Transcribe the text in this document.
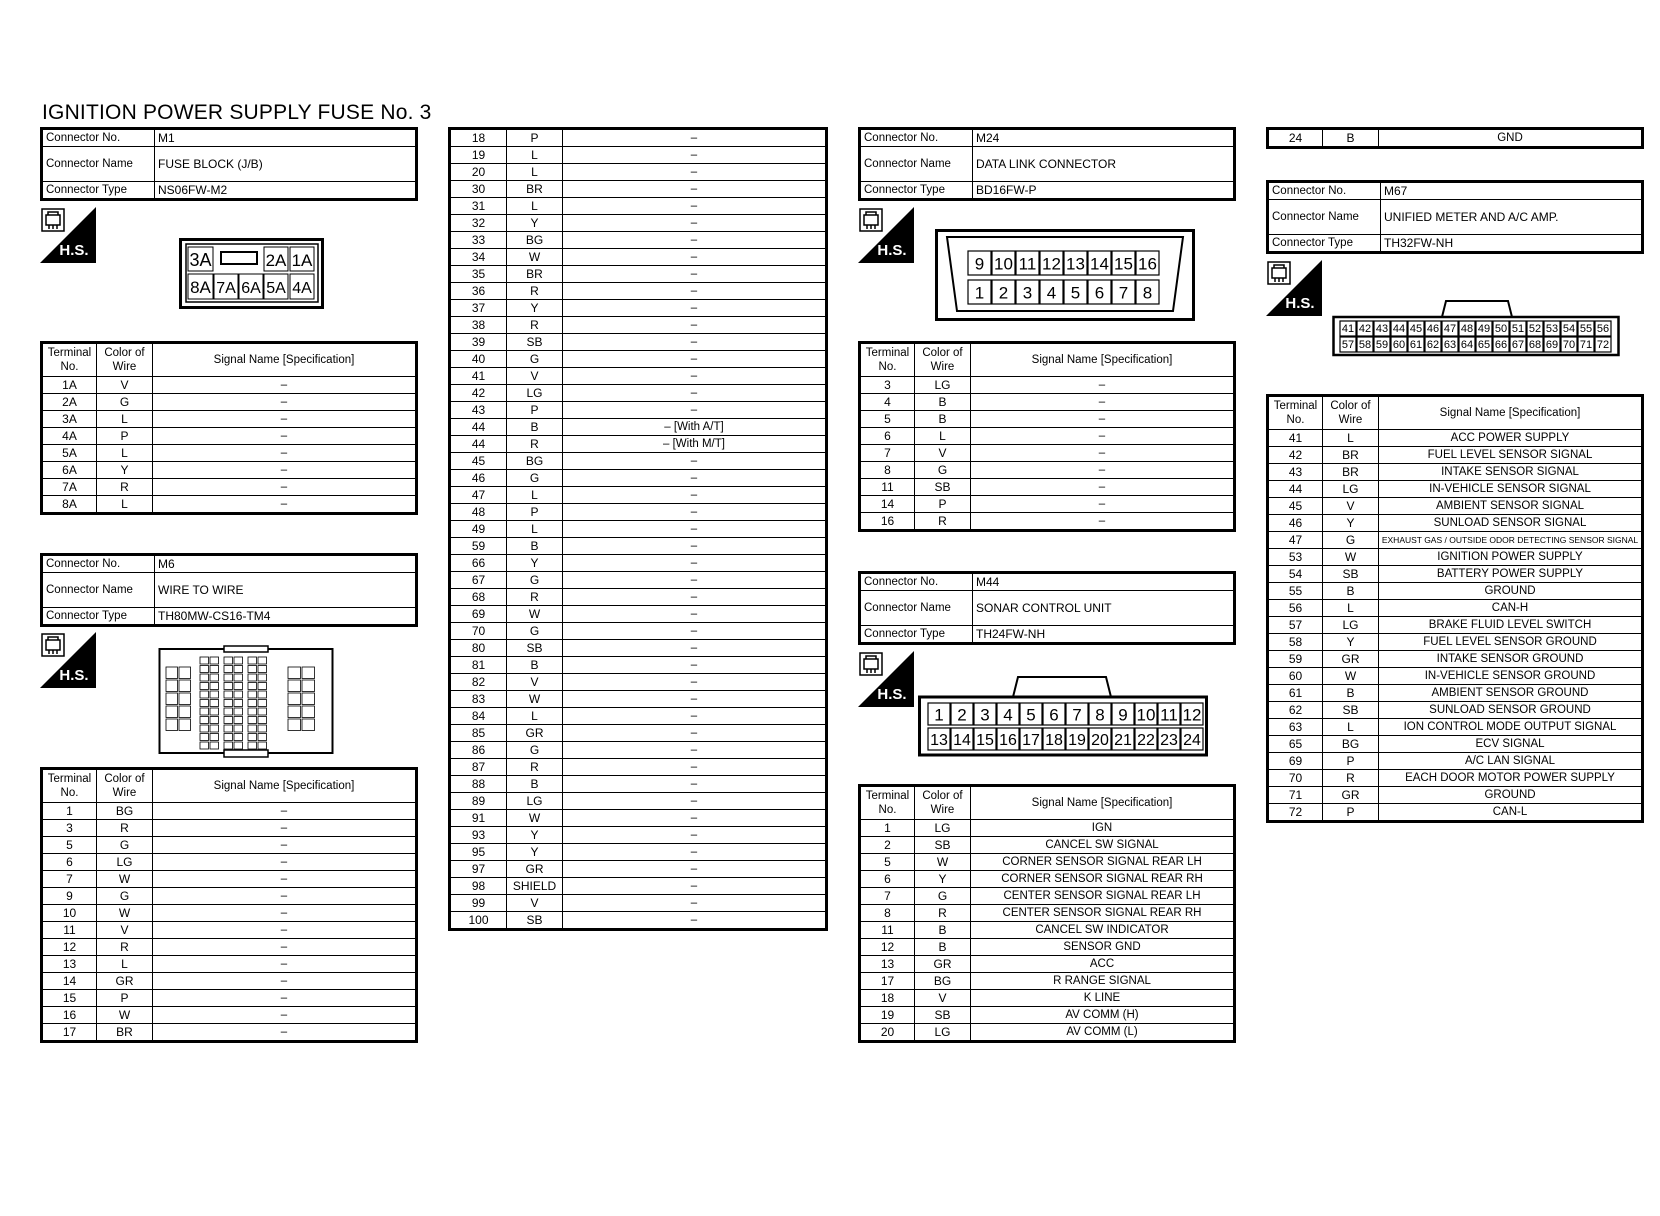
IGNITION POWER SUPPLY FUSE No. 3
Connector No.	M1
Connector Name	FUSE BLOCK (J/B)
Connector Type	NS06FW-M2
H.S.	3A	2A 1A
8A 7A 6A 5A 4A
Terminal No.	Color of Wire	Signal Name [Specification]
1A	V	–
2A	G	–
3A	L	–
4A	P	–
5A	L	–
6A	Y	–
7A	R	–
8A	L	–
Connector No.	M6
Connector Name	WIRE TO WIRE
Connector Type	TH80MW-CS16-TM4
H.S.
Terminal No.	Color of Wire	Signal Name [Specification]
1	BG	–
3	R	–
5	G	–
6	LG	–
7	W	–
9	G	–
10	W	–
11	V	–
12	R	–
13	L	–
14	GR	–
15	P	–
16	W	–
17	BR	–
18	P	–
19	L	–
20	L	–
30	BR	–
31	L	–
32	Y	–
33	BG	–
34	W	–
35	BR	–
36	R	–
37	Y	–
38	R	–
39	SB	–
40	G	–
41	V	–
42	LG	–
43	P	–
44	B	– [With A/T]
44	R	– [With M/T]
45	BG	–
46	G	–
47	L	–
48	P	–
49	L	–
59	B	–
66	Y	–
67	G	–
68	R	–
69	W	–
70	G	–
80	SB	–
81	B	–
82	V	–
83	W	–
84	L	–
85	GR	–
86	G	–
87	R	–
88	B	–
89	LG	–
91	W	–
93	Y	–
95	Y	–
97	GR	–
98	SHIELD	–
99	V	–
100	SB	–
Connector No.	M24
Connector Name	DATA LINK CONNECTOR
Connector Type	BD16FW-P
H.S.
9 10 11 12 13 14 15 16
1 2 3 4 5 6 7 8
Terminal No.	Color of Wire	Signal Name [Specification]
3	LG	–
4	B	–
5	B	–
6	L	–
7	V	–
8	G	–
11	SB	–
14	P	–
16	R	–
Connector No.	M44
Connector Name	SONAR CONTROL UNIT
Connector Type	TH24FW-NH
H.S.
1 2 3 4 5 6 7 8 9 10 11 12
13 14 15 16 17 18 19 20 21 22 23 24
Terminal No.	Color of Wire	Signal Name [Specification]
1	LG	IGN
2	SB	CANCEL SW SIGNAL
5	W	CORNER SENSOR SIGNAL REAR LH
6	Y	CORNER SENSOR SIGNAL REAR RH
7	G	CENTER SENSOR SIGNAL REAR LH
8	R	CENTER SENSOR SIGNAL REAR RH
11	B	CANCEL SW INDICATOR
12	B	SENSOR GND
13	GR	ACC
17	BG	R RANGE SIGNAL
18	V	K LINE
19	SB	AV COMM (H)
20	LG	AV COMM (L)
24	B	GND
Connector No.	M67
Connector Name	UNIFIED METER AND A/C AMP.
Connector Type	TH32FW-NH
H.S.
41 42 43 44 45 46 47 48 49 50 51 52 53 54 55 56
57 58 59 60 61 62 63 64 65 66 67 68 69 70 71 72
Terminal No.	Color of Wire	Signal Name [Specification]
41	L	ACC POWER SUPPLY
42	BR	FUEL LEVEL SENSOR SIGNAL
43	BR	INTAKE SENSOR SIGNAL
44	LG	IN-VEHICLE SENSOR SIGNAL
45	V	AMBIENT SENSOR SIGNAL
46	Y	SUNLOAD SENSOR SIGNAL
47	G	EXHAUST GAS / OUTSIDE ODOR DETECTING SENSOR SIGNAL
53	W	IGNITION POWER SUPPLY
54	SB	BATTERY POWER SUPPLY
55	B	GROUND
56	L	CAN-H
57	LG	BRAKE FLUID LEVEL SWITCH
58	Y	FUEL LEVEL SENSOR GROUND
59	GR	INTAKE SENSOR GROUND
60	W	IN-VEHICLE SENSOR GROUND
61	B	AMBIENT SENSOR GROUND
62	SB	SUNLOAD SENSOR GROUND
63	L	ION CONTROL MODE OUTPUT SIGNAL
65	BG	ECV SIGNAL
69	P	A/C LAN SIGNAL
70	R	EACH DOOR MOTOR POWER SUPPLY
71	GR	GROUND
72	P	CAN-L
